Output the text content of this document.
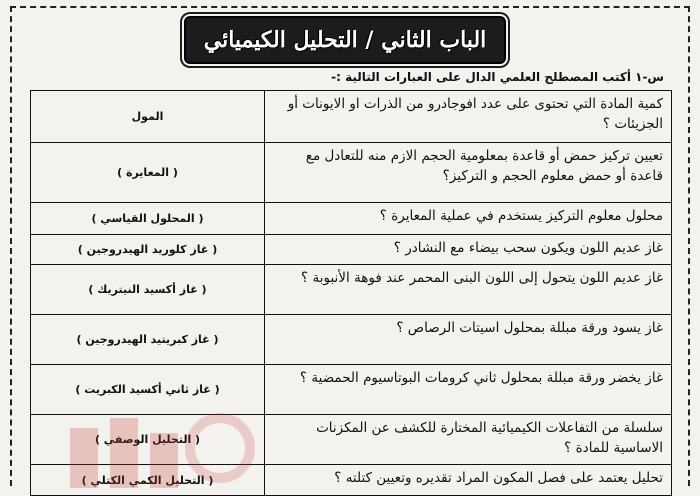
الباب الثاني / التحليل الكيميائي
س-١ أكتب المصطلح العلمي الدال على العبارات التالية :-
المول
كمية المادة التي تحتوى على عدد افوجادرو من الذرات او الايونات أو الجزيئات ؟
( المعايرة )
تعيين تركيز حمض أو قاعدة بمعلومية الحجم الازم منه للتعادل مع قاعدة أو حمض معلوم الحجم و التركيز؟
( المحلول القياسي )	محلول معلوم التركيز يستخدم في عملية المعايرة ؟
( غاز كلوريد الهيدروجين )	غاز عديم اللون ويكون سحب بيضاء مع النشادر ؟
( غاز أكسيد النيتريك )
غاز عديم اللون يتحول إلى اللون البنى المحمر عند فوهة الأنبوبة ؟
( غاز كبريتيد الهيدروجين )
غاز يسود ورقة مبللة بمحلول اسيتات الرصاص ؟
( غاز ثاني أكسيد الكبريت )
غاز يخضر ورقة مبللة بمحلول ثاني كرومات البوتاسيوم الحمضية ؟
( التحليل الوصفي )
سلسلة من التفاعلات الكيميائية المختارة للكشف عن المكزنات الاساسية للمادة ؟
( التحليل الكمي الكتلي )	تحليل يعتمد على فصل المكون المراد تقديره وتعيين كتلته ؟
